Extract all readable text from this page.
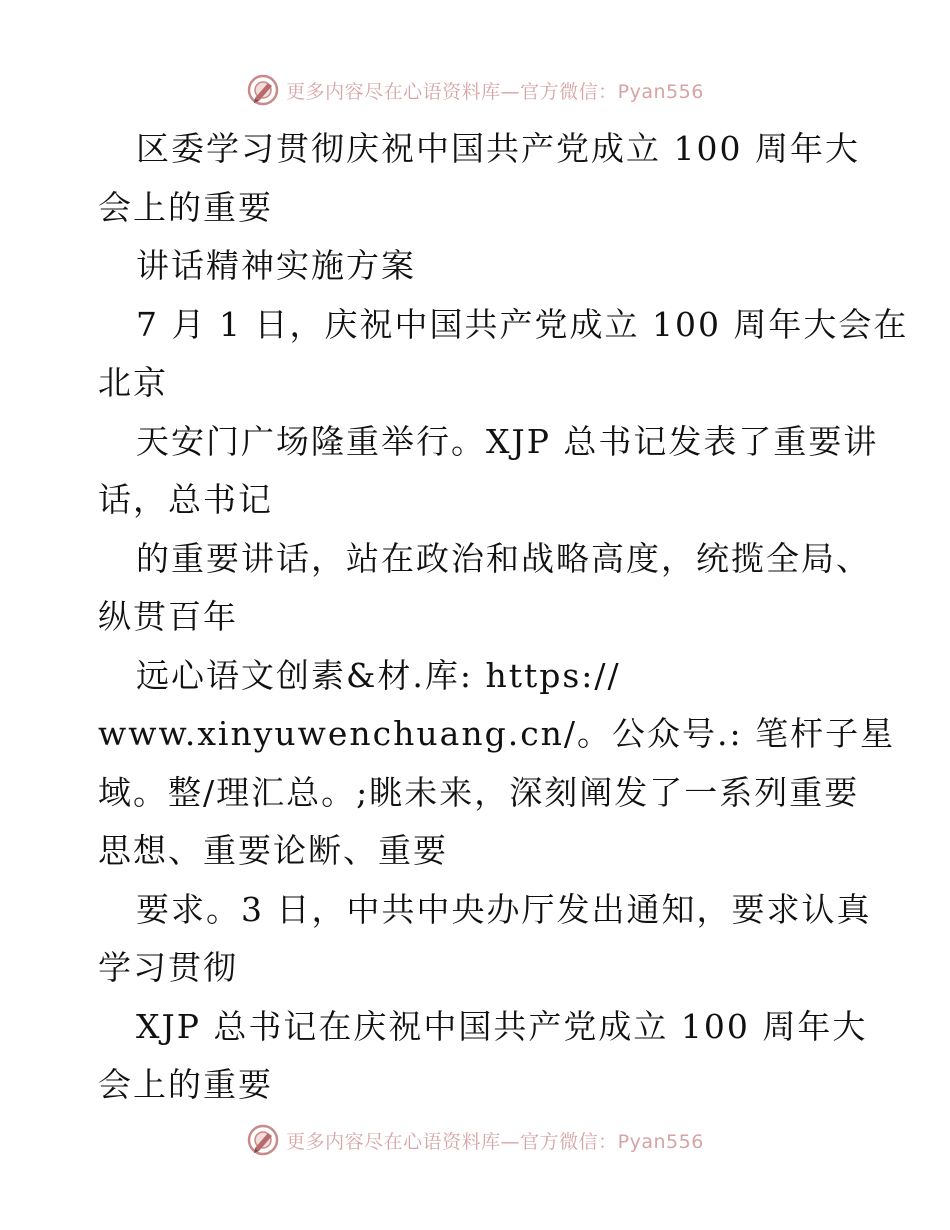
更多内容尽在心语资料库—官方微信：Pyan556
区委学习贯彻庆祝中国共产党成立 100 周年大
会上的重要
讲话精神实施方案
7 月 1 日，庆祝中国共产党成立 100 周年大会在
北京
天安门广场隆重举行。XJP 总书记发表了重要讲
话，总书记
的重要讲话，站在政治和战略高度，统揽全局、
纵贯百年
远心语文创素&材.库: https://
www.xinyuwenchuang.cn/。公众号.: 笔杆子星
域。整/理汇总。;眺未来，深刻阐发了一系列重要
思想、重要论断、重要
要求。3 日，中共中央办厅发出通知，要求认真
学习贯彻
XJP 总书记在庆祝中国共产党成立 100 周年大
会上的重要
更多内容尽在心语资料库—官方微信：Pyan556
